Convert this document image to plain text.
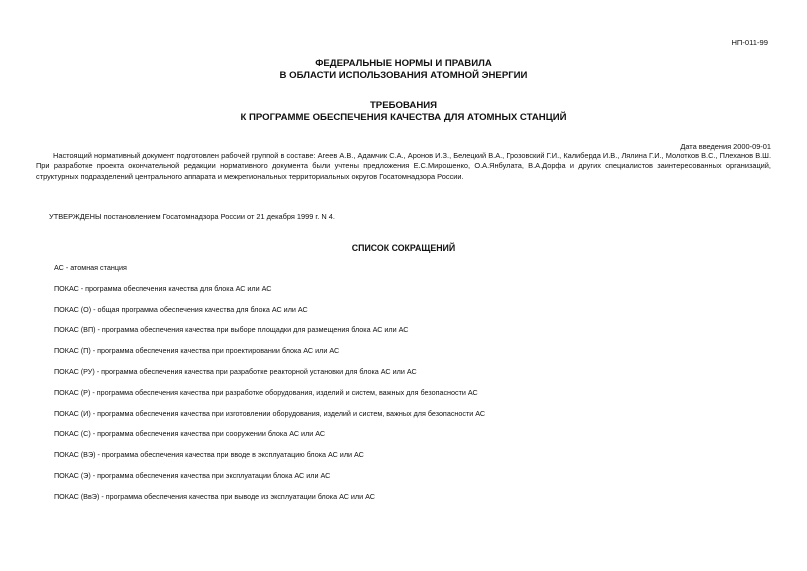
НП-011-99
ФЕДЕРАЛЬНЫЕ НОРМЫ И ПРАВИЛА
В ОБЛАСТИ ИСПОЛЬЗОВАНИЯ АТОМНОЙ ЭНЕРГИИ
ТРЕБОВАНИЯ
К ПРОГРАММЕ ОБЕСПЕЧЕНИЯ КАЧЕСТВА ДЛЯ АТОМНЫХ СТАНЦИЙ
Дата введения 2000-09-01

Настоящий нормативный документ подготовлен рабочей группой в составе: Агеев А.В., Адамчик С.А., Аронов И.З., Белецкий В.А., Грозовский Г.И., Калиберда И.В., Лялина Г.И., Молотков В.С., Плеханов В.Ш. При разработке проекта окончательной редакции нормативного документа были учтены предложения Е.С.Мирошенко, О.А.Янбулата, В.А.Дорфа и других специалистов заинтересованных организаций, структурных подразделений центрального аппарата и межрегиональных территориальных округов Госатомнадзора России.

УТВЕРЖДЕНЫ постановлением Госатомнадзора России от 21 декабря 1999 г. N 4.
СПИСОК СОКРАЩЕНИЙ
АС - атомная станция
ПОКАС - программа обеспечения качества для блока АС или АС
ПОКАС (О) - общая программа обеспечения качества для блока АС или АС
ПОКАС (ВП) - программа обеспечения качества при выборе площадки для размещения блока АС или АС
ПОКАС (П) - программа обеспечения качества при проектировании блока АС или АС
ПОКАС (РУ) - программа обеспечения качества при разработке реакторной установки для блока АС или АС
ПОКАС (Р) - программа обеспечения качества при разработке оборудования, изделий и систем, важных для безопасности АС
ПОКАС (И) - программа обеспечения качества при изготовлении оборудования, изделий и систем, важных для безопасности АС
ПОКАС (С) - программа обеспечения качества при сооружении блока АС или АС
ПОКАС (ВЭ) - программа обеспечения качества при вводе в эксплуатацию блока АС или АС
ПОКАС (Э) - программа обеспечения качества при эксплуатации блока АС или АС
ПОКАС (ВвЭ) - программа обеспечения качества при выводе из эксплуатации блока АС или АС
